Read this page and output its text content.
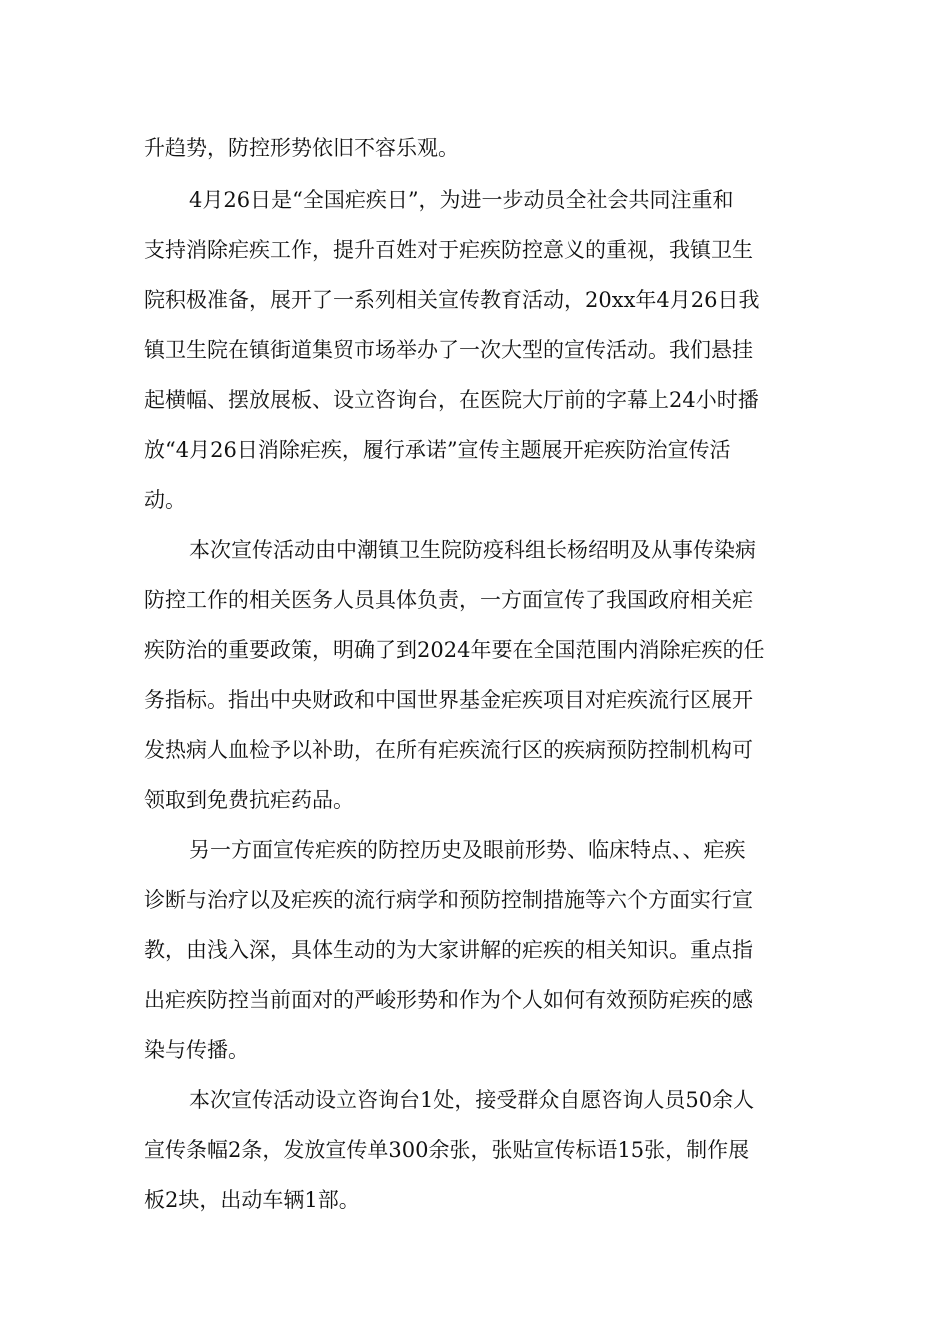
升趋势，防控形势依旧不容乐观。
4月26日是“全国疟疾日”，为进一步动员全社会共同注重和
支持消除疟疾工作，提升百姓对于疟疾防控意义的重视，我镇卫生
院积极准备，展开了一系列相关宣传教育活动，20xx年4月26日我
镇卫生院在镇街道集贸市场举办了一次大型的宣传活动。我们悬挂
起横幅、摆放展板、设立咨询台，在医院大厅前的字幕上24小时播
放“4月26日消除疟疾，履行承诺”宣传主题展开疟疾防治宣传活
动。
本次宣传活动由中潮镇卫生院防疫科组长杨绍明及从事传染病
防控工作的相关医务人员具体负责，一方面宣传了我国政府相关疟
疾防治的重要政策，明确了到2024年要在全国范围内消除疟疾的任
务指标。指出中央财政和中国世界基金疟疾项目对疟疾流行区展开
发热病人血检予以补助，在所有疟疾流行区的疾病预防控制机构可
领取到免费抗疟药品。
另一方面宣传疟疾的防控历史及眼前形势、临床特点、、疟疾
诊断与治疗以及疟疾的流行病学和预防控制措施等六个方面实行宣
教，由浅入深，具体生动的为大家讲解的疟疾的相关知识。重点指
出疟疾防控当前面对的严峻形势和作为个人如何有效预防疟疾的感
染与传播。
本次宣传活动设立咨询台1处，接受群众自愿咨询人员50余人
宣传条幅2条，发放宣传单300余张，张贴宣传标语15张，制作展
板2块，出动车辆1部。
